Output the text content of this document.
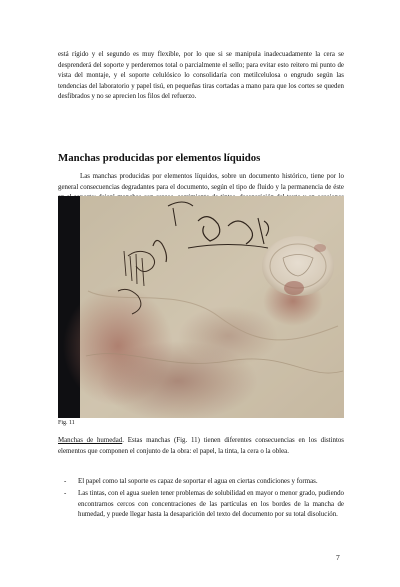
está rígido y el segundo es muy flexible, por lo que si se manipula inadecuadamente la cera se desprenderá del soporte y perderemos total o parcialmente el sello; para evitar esto reitero mi punto de vista del montaje, y el soporte celulósico lo consolidaría con metilcelulosa o engrudo según las tendencias del laboratorio y papel tisú, en pequeñas tiras cortadas a mano para que los cortes se queden desfibrados y no se aprecien los filos del refuerzo.

Manchas producidas por elementos líquidos

Las manchas producidas por elementos líquidos, sobre un documento histórico, tiene por lo general consecuencias degradantes para el documento, según el tipo de fluido y la permanencia de éste

Fig. 11

Manchas de humedad. Estas manchas (Fig. 11) tienen diferentes consecuencias en los distintos elementos que componen el conjunto de la obra: el papel, la tinta, la cera o la oblea.

- El papel como tal soporte es capaz de soportar el agua en ciertas condiciones y formas.
- Las tintas, con el agua suelen tener problemas de solubilidad en mayor o menor grado, pudiendo encontrarnos cercos con concentraciones de las partículas en los bordes de la mancha de humedad, y puede llegar hasta la desaparición del texto del documento por su total disolución.
7
